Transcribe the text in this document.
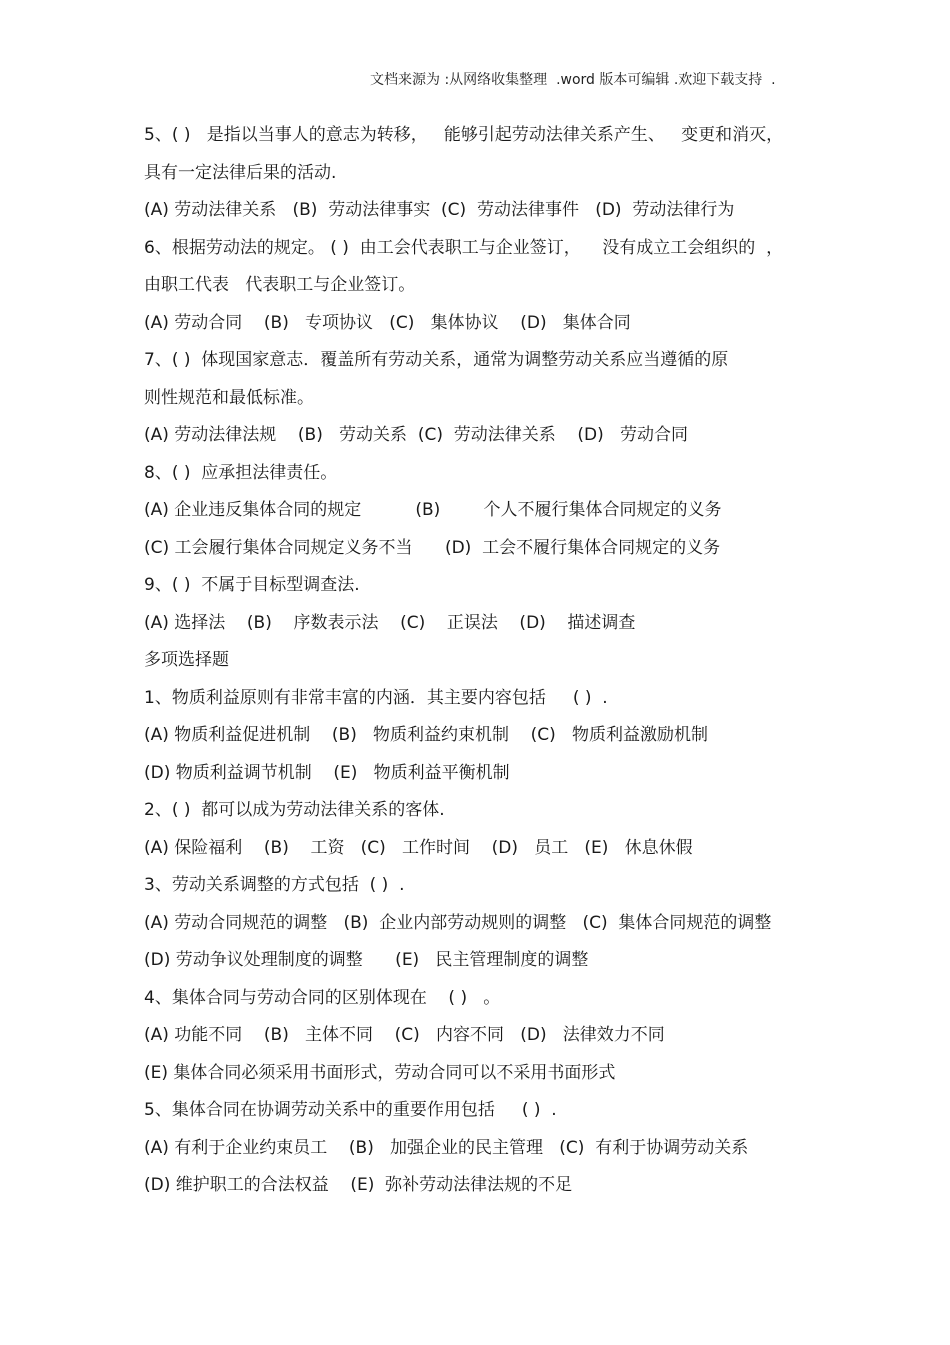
文档来源为 :从网络收集整理  .word 版本可编辑 .欢迎下载支持  .
5、( )   是指以当事人的意志为转移，   能够引起劳动法律关系产生、   变更和消灭，
具有一定法律后果的活动.
(A) 劳动法律关系   (B)  劳动法律事实  (C)  劳动法律事件   (D)  劳动法律行为
6、根据劳动法的规定。 ( )  由工会代表职工与企业签订，    没有成立工会组织的  ，
由职工代表   代表职工与企业签订。
(A) 劳动合同    (B)   专项协议   (C)   集体协议    (D)   集体合同
7、( )  体现国家意志．覆盖所有劳动关系，通常为调整劳动关系应当遵循的原
则性规范和最低标准。
(A) 劳动法律法规    (B)   劳动关系  (C)  劳动法律关系    (D)   劳动合同
8、( )  应承担法律责任。
(A) 企业违反集体合同的规定          (B)        个人不履行集体合同规定的义务
(C) 工会履行集体合同规定义务不当      (D)  工会不履行集体合同规定的义务
9、( )  不属于目标型调查法.
(A) 选择法    (B)    序数表示法    (C)    正误法    (D)    描述调查
多项选择题
1、物质利益原则有非常丰富的内涵．其主要内容包括     ( )  .
(A) 物质利益促进机制    (B)   物质利益约束机制    (C)   物质利益激励机制
(D) 物质利益调节机制    (E)   物质利益平衡机制
2、( )  都可以成为劳动法律关系的客体.
(A) 保险福利    (B)    工资   (C)   工作时间    (D)   员工   (E)   休息休假
3、劳动关系调整的方式包括  ( )  .
(A) 劳动合同规范的调整   (B)  企业内部劳动规则的调整   (C)  集体合同规范的调整
(D) 劳动争议处理制度的调整      (E)   民主管理制度的调整
4、集体合同与劳动合同的区别体现在    ( )   。
(A) 功能不同    (B)   主体不同    (C)   内容不同   (D)   法律效力不同
(E) 集体合同必须采用书面形式，劳动合同可以不采用书面形式
5、集体合同在协调劳动关系中的重要作用包括     ( )  .
(A) 有利于企业约束员工    (B)   加强企业的民主管理   (C)  有利于协调劳动关系
(D) 维护职工的合法权益    (E)  弥补劳动法律法规的不足
